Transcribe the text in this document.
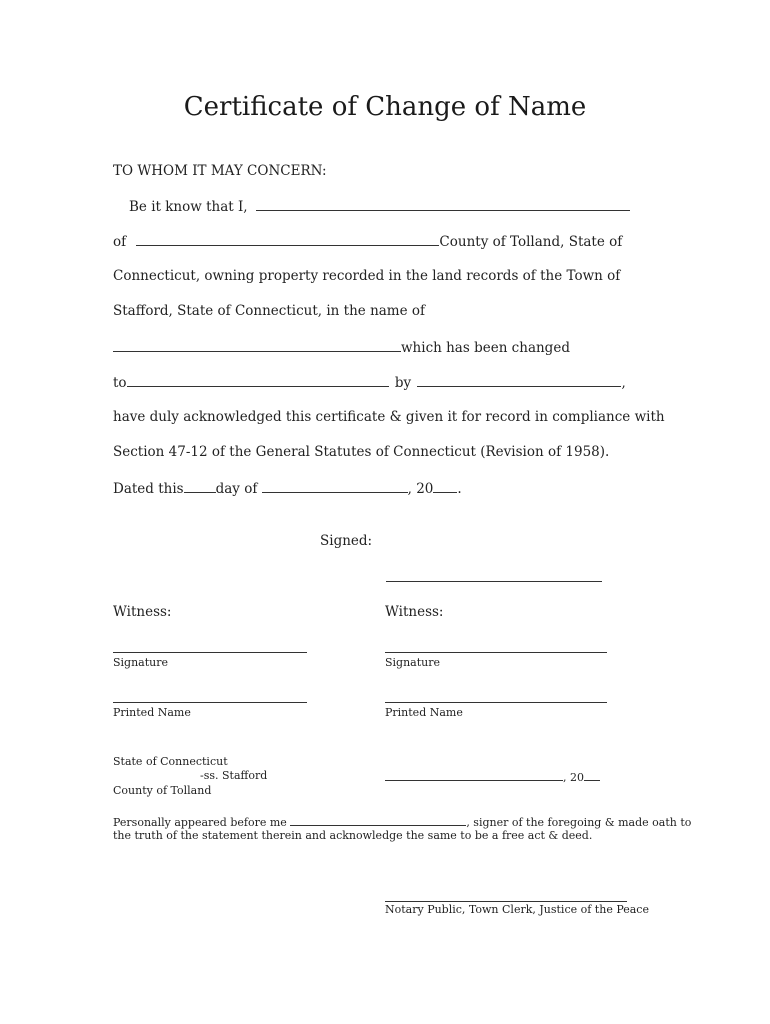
Certificate of Change of Name
TO WHOM IT MAY CONCERN:
Be it know that I,
of	County of Tolland, State of
Connecticut, owning property recorded in the land records of the Town of
Stafford, State of Connecticut, in the name of
which has been changed
to	by	,
have duly acknowledged this certificate & given it for record in compliance with
Section 47-12 of the General Statutes of Connecticut (Revision of 1958).
Dated this day of	, 20 .
Signed:
Witness:	Witness:
Signature	Signature
Printed Name	Printed Name
State of Connecticut
-ss. Stafford
County of Tolland
, 20
Personally appeared before me	, signer of the foregoing & made oath to
the truth of the statement therein and acknowledge the same to be a free act & deed.
Notary Public, Town Clerk, Justice of the Peace
